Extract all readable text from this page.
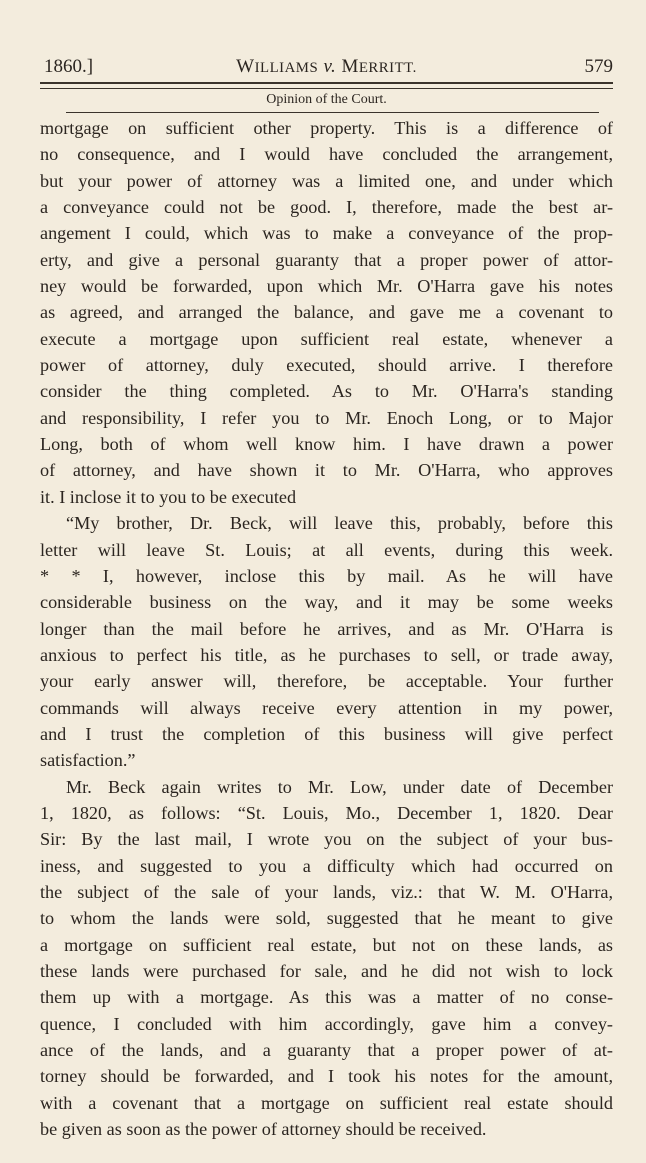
1860.]	WILLIAMS v. MERRITT.	579
Opinion of the Court.
mortgage on sufficient other property. This is a difference of
no consequence, and I would have concluded the arrangement,
but your power of attorney was a limited one, and under which
a conveyance could not be good. I, therefore, made the best ar-
angement I could, which was to make a conveyance of the prop-
erty, and give a personal guaranty that a proper power of attor-
ney would be forwarded, upon which Mr. O'Harra gave his notes
as agreed, and arranged the balance, and gave me a covenant to
execute a mortgage upon sufficient real estate, whenever a
power of attorney, duly executed, should arrive. I therefore
consider the thing completed. As to Mr. O'Harra's standing
and responsibility, I refer you to Mr. Enoch Long, or to Major
Long, both of whom well know him. I have drawn a power
of attorney, and have shown it to Mr. O'Harra, who approves
it. I inclose it to you to be executed
“My brother, Dr. Beck, will leave this, probably, before this
letter will leave St. Louis; at all events, during this week.
* * I, however, inclose this by mail. As he will have
considerable business on the way, and it may be some weeks
longer than the mail before he arrives, and as Mr. O'Harra is
anxious to perfect his title, as he purchases to sell, or trade away,
your early answer will, therefore, be acceptable. Your further
commands will always receive every attention in my power,
and I trust the completion of this business will give perfect
satisfaction.”
Mr. Beck again writes to Mr. Low, under date of December
1, 1820, as follows: “St. Louis, Mo., December 1, 1820. Dear
Sir: By the last mail, I wrote you on the subject of your bus-
iness, and suggested to you a difficulty which had occurred on
the subject of the sale of your lands, viz.: that W. M. O'Harra,
to whom the lands were sold, suggested that he meant to give
a mortgage on sufficient real estate, but not on these lands, as
these lands were purchased for sale, and he did not wish to lock
them up with a mortgage. As this was a matter of no conse-
quence, I concluded with him accordingly, gave him a convey-
ance of the lands, and a guaranty that a proper power of at-
torney should be forwarded, and I took his notes for the amount,
with a covenant that a mortgage on sufficient real estate should
be given as soon as the power of attorney should be received.
